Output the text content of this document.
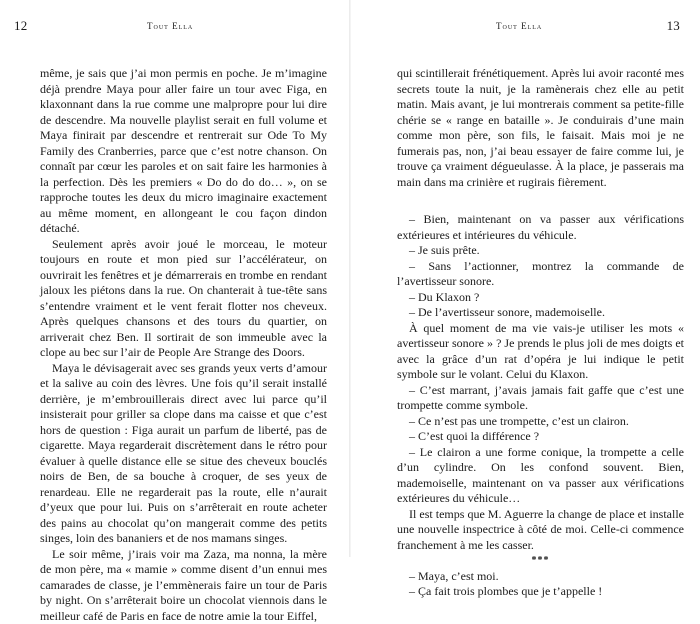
12	Tout Ella

même, je sais que j’ai mon permis en poche. Je m’imagine déjà prendre Maya pour aller faire un tour avec Figa, en klaxonnant dans la rue comme une malpropre pour lui dire de descendre. Ma nouvelle playlist serait en full volume et Maya finirait par descendre et rentrerait sur Ode To My Family des Cranberries, parce que c’est notre chanson. On connaît par cœur les paroles et on sait faire les harmonies à la perfection. Dès les premiers « Do do do do… », on se rapproche toutes les deux du micro imaginaire exactement au même moment, en allongeant le cou façon dindon détaché.

Seulement après avoir joué le morceau, le moteur toujours en route et mon pied sur l’accélérateur, on ouvrirait les fenêtres et je démarrerais en trombe en rendant jaloux les piétons dans la rue. On chanterait à tue-tête sans s’entendre vraiment et le vent ferait flotter nos cheveux. Après quelques chansons et des tours du quartier, on arriverait chez Ben. Il sortirait de son immeuble avec la clope au bec sur l’air de People Are Strange des Doors.

Maya le dévisagerait avec ses grands yeux verts d’amour et la salive au coin des lèvres. Une fois qu’il serait installé derrière, je m’embrouillerais direct avec lui parce qu’il insisterait pour griller sa clope dans ma caisse et que c’est hors de question : Figa aurait un parfum de liberté, pas de cigarette. Maya regarderait discrètement dans le rétro pour évaluer à quelle distance elle se situe des cheveux bouclés noirs de Ben, de sa bouche à croquer, de ses yeux de renardeau. Elle ne regarderait pas la route, elle n’aurait d’yeux que pour lui. Puis on s’arrêterait en route acheter des pains au chocolat qu’on mangerait comme des petits singes, loin des bananiers et de nos mamans singes.

Le soir même, j’irais voir ma Zaza, ma nonna, la mère de mon père, ma « mamie » comme disent d’un ennui mes camarades de classe, je l’emmènerais faire un tour de Paris by night. On s’arrêterait boire un chocolat viennois dans le meilleur café de Paris en face de notre amie la tour Eiffel,

Tout Ella	13

qui scintillerait frénétiquement. Après lui avoir raconté mes secrets toute la nuit, je la ramènerais chez elle au petit matin. Mais avant, je lui montrerais comment sa petite-fille chérie se « range en bataille ». Je conduirais d’une main comme mon père, son fils, le faisait. Mais moi je ne fumerais pas, non, j’ai beau essayer de faire comme lui, je trouve ça vraiment dégueulasse. À la place, je passerais ma main dans ma crinière et rugirais fièrement.

– Bien, maintenant on va passer aux vérifications extérieures et intérieures du véhicule.

– Je suis prête.

– Sans l’actionner, montrez la commande de l’avertisseur sonore.

– Du Klaxon ?

– De l’avertisseur sonore, mademoiselle.

À quel moment de ma vie vais-je utiliser les mots « avertisseur sonore » ? Je prends le plus joli de mes doigts et avec la grâce d’un rat d’opéra je lui indique le petit symbole sur le volant. Celui du Klaxon.

– C’est marrant, j’avais jamais fait gaffe que c’est une trompette comme symbole.

– Ce n’est pas une trompette, c’est un clairon.

– C’est quoi la différence ?

– Le clairon a une forme conique, la trompette a celle d’un cylindre. On les confond souvent. Bien, mademoiselle, maintenant on va passer aux vérifications extérieures du véhicule…

Il est temps que M. Aguerre la change de place et installe une nouvelle inspectrice à côté de moi. Celle-ci commence franchement à me les casser.

***

– Maya, c’est moi.

– Ça fait trois plombes que je t’appelle !
